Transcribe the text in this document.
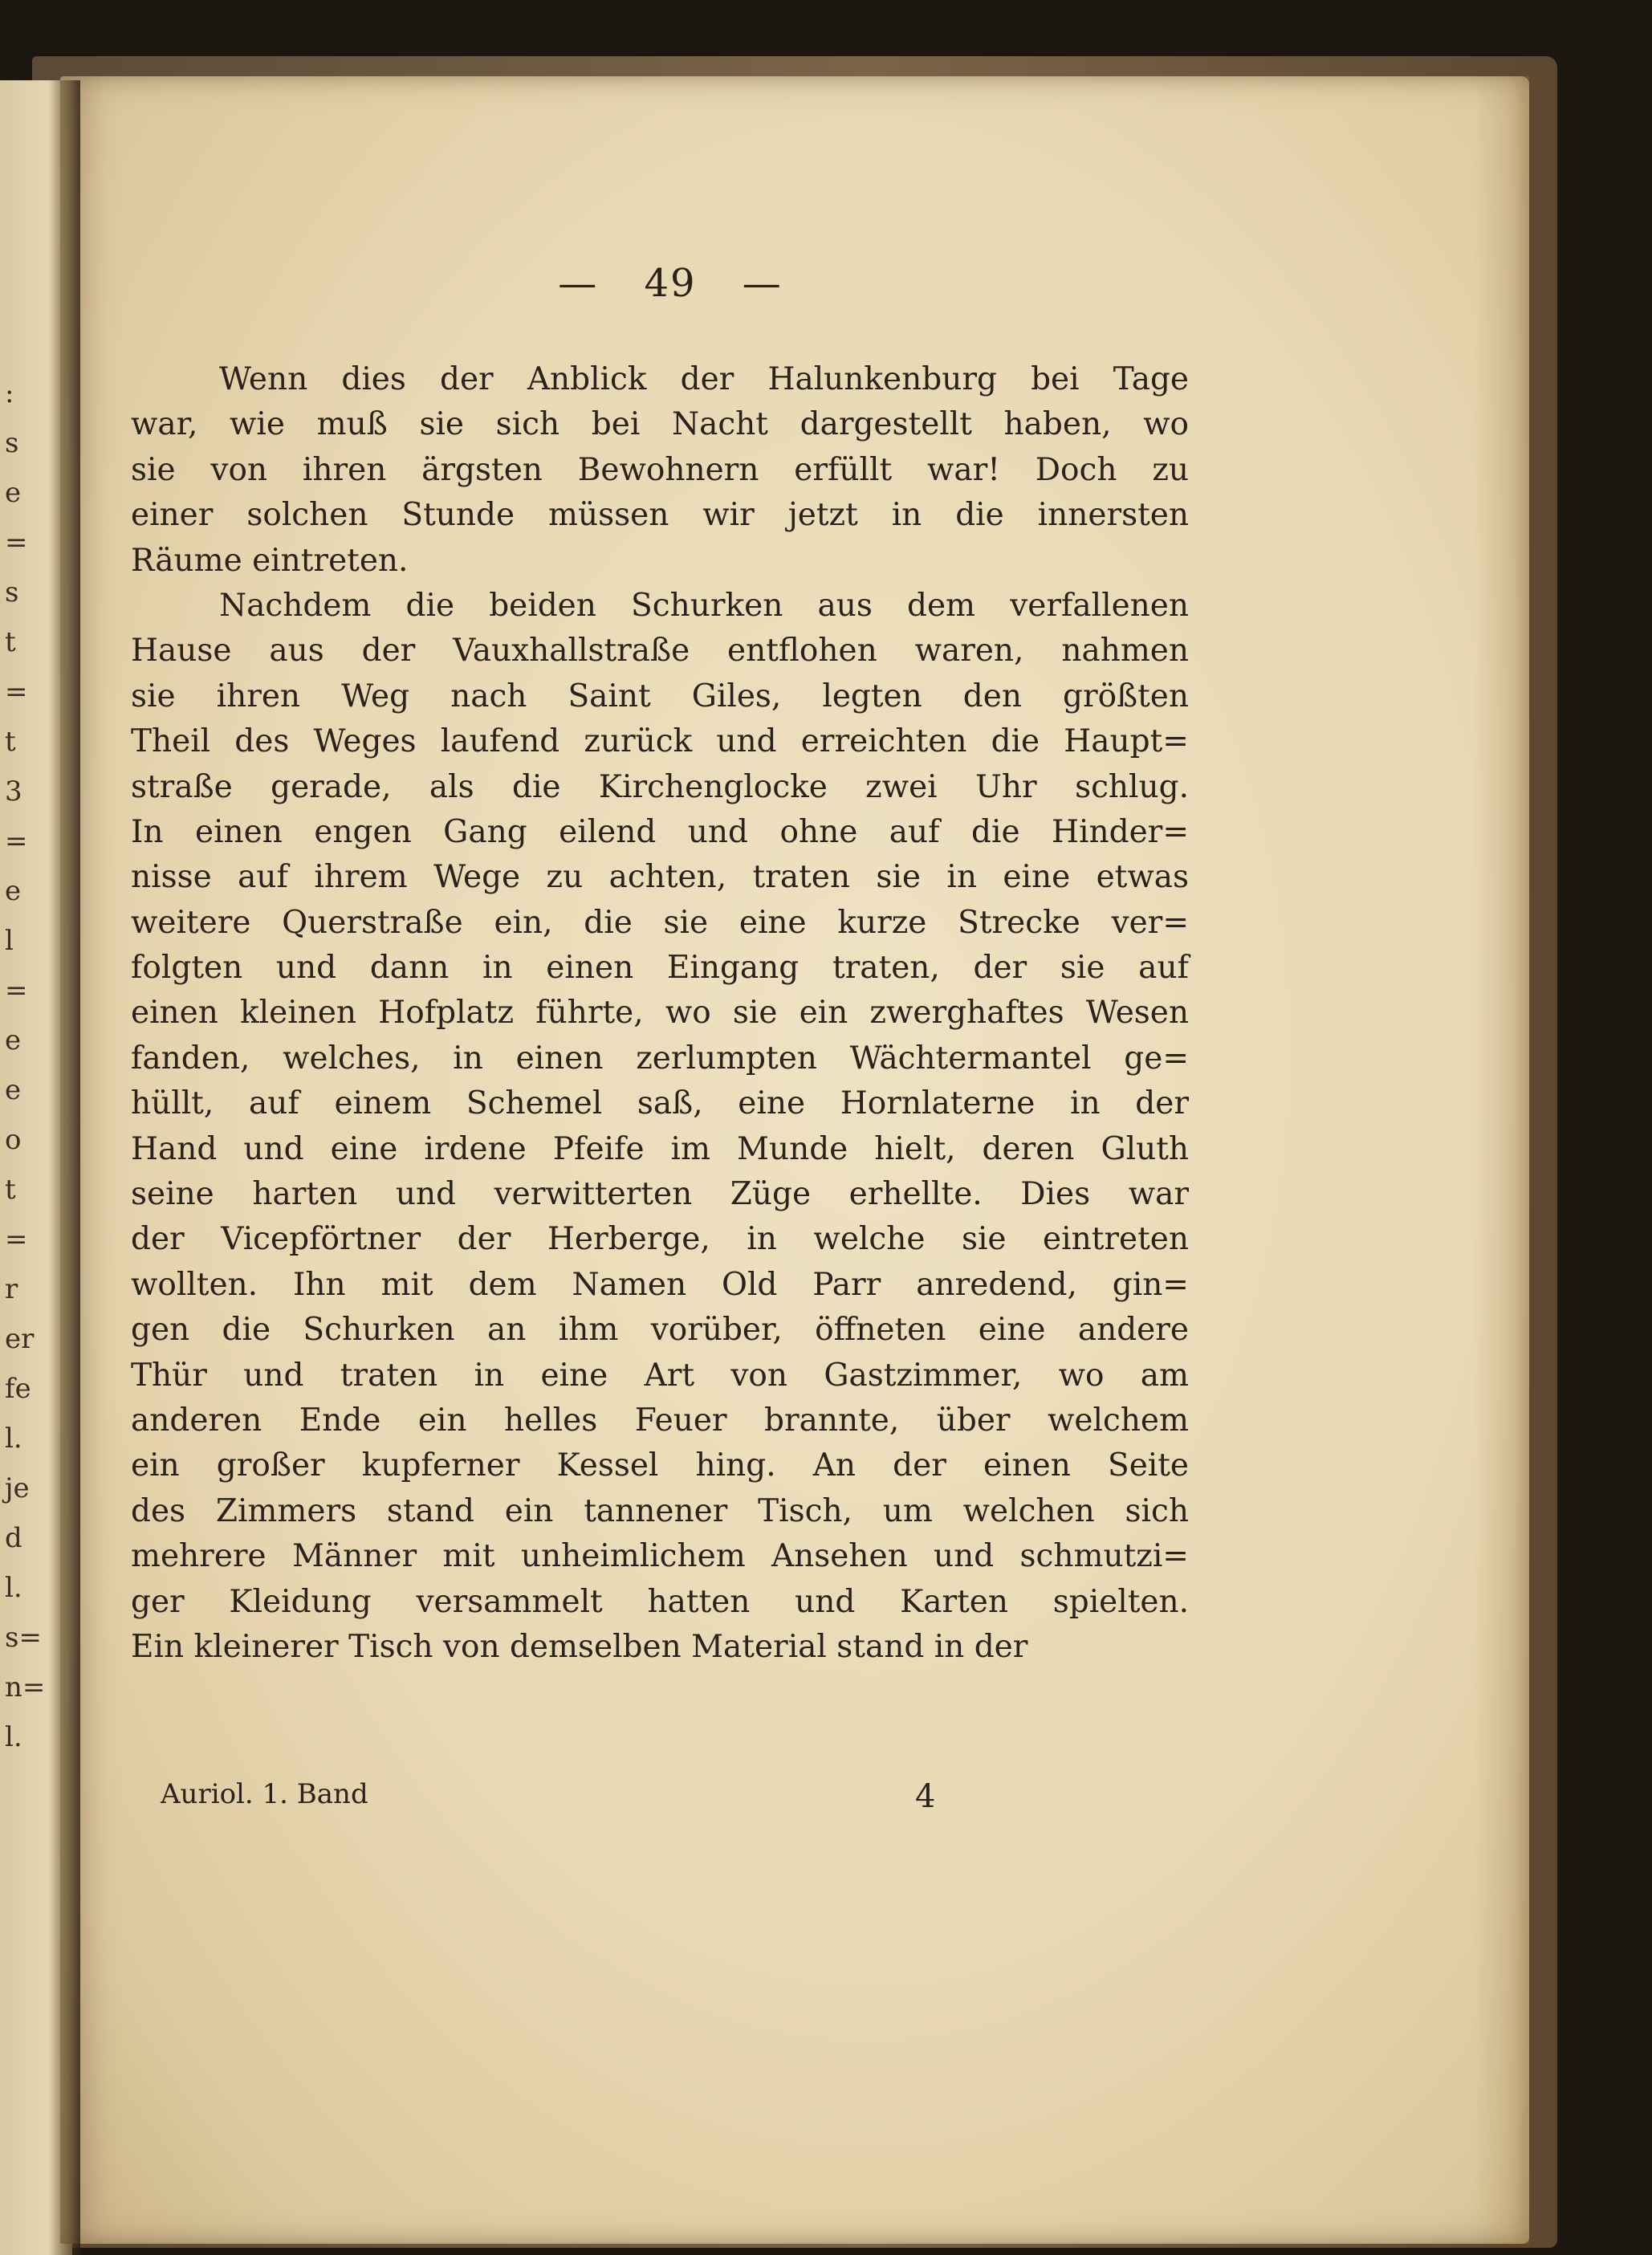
:
s
e
=
s
t
=
t
3
=
e
l
=
e
e
o
t
=
r
er
fe
l.
je
d
l.
s=
n=
l.
— 49 —
Wenn dies der Anblick der Halunkenburg bei Tage
war, wie muß sie sich bei Nacht dargestellt haben, wo
sie von ihren ärgsten Bewohnern erfüllt war! Doch zu
einer solchen Stunde müssen wir jetzt in die innersten
Räume eintreten.
Nachdem die beiden Schurken aus dem verfallenen
Hause aus der Vauxhallstraße entflohen waren, nahmen
sie ihren Weg nach Saint Giles, legten den größten
Theil des Weges laufend zurück und erreichten die Haupt=
straße gerade, als die Kirchenglocke zwei Uhr schlug.
In einen engen Gang eilend und ohne auf die Hinder=
nisse auf ihrem Wege zu achten, traten sie in eine etwas
weitere Querstraße ein, die sie eine kurze Strecke ver=
folgten und dann in einen Eingang traten, der sie auf
einen kleinen Hofplatz führte, wo sie ein zwerghaftes Wesen
fanden, welches, in einen zerlumpten Wächtermantel ge=
hüllt, auf einem Schemel saß, eine Hornlaterne in der
Hand und eine irdene Pfeife im Munde hielt, deren Gluth
seine harten und verwitterten Züge erhellte. Dies war
der Vicepförtner der Herberge, in welche sie eintreten
wollten. Ihn mit dem Namen Old Parr anredend, gin=
gen die Schurken an ihm vorüber, öffneten eine andere
Thür und traten in eine Art von Gastzimmer, wo am
anderen Ende ein helles Feuer brannte, über welchem
ein großer kupferner Kessel hing. An der einen Seite
des Zimmers stand ein tannener Tisch, um welchen sich
mehrere Männer mit unheimlichem Ansehen und schmutzi=
ger Kleidung versammelt hatten und Karten spielten.
Ein kleinerer Tisch von demselben Material stand in der
Auriol. 1. Band	4
